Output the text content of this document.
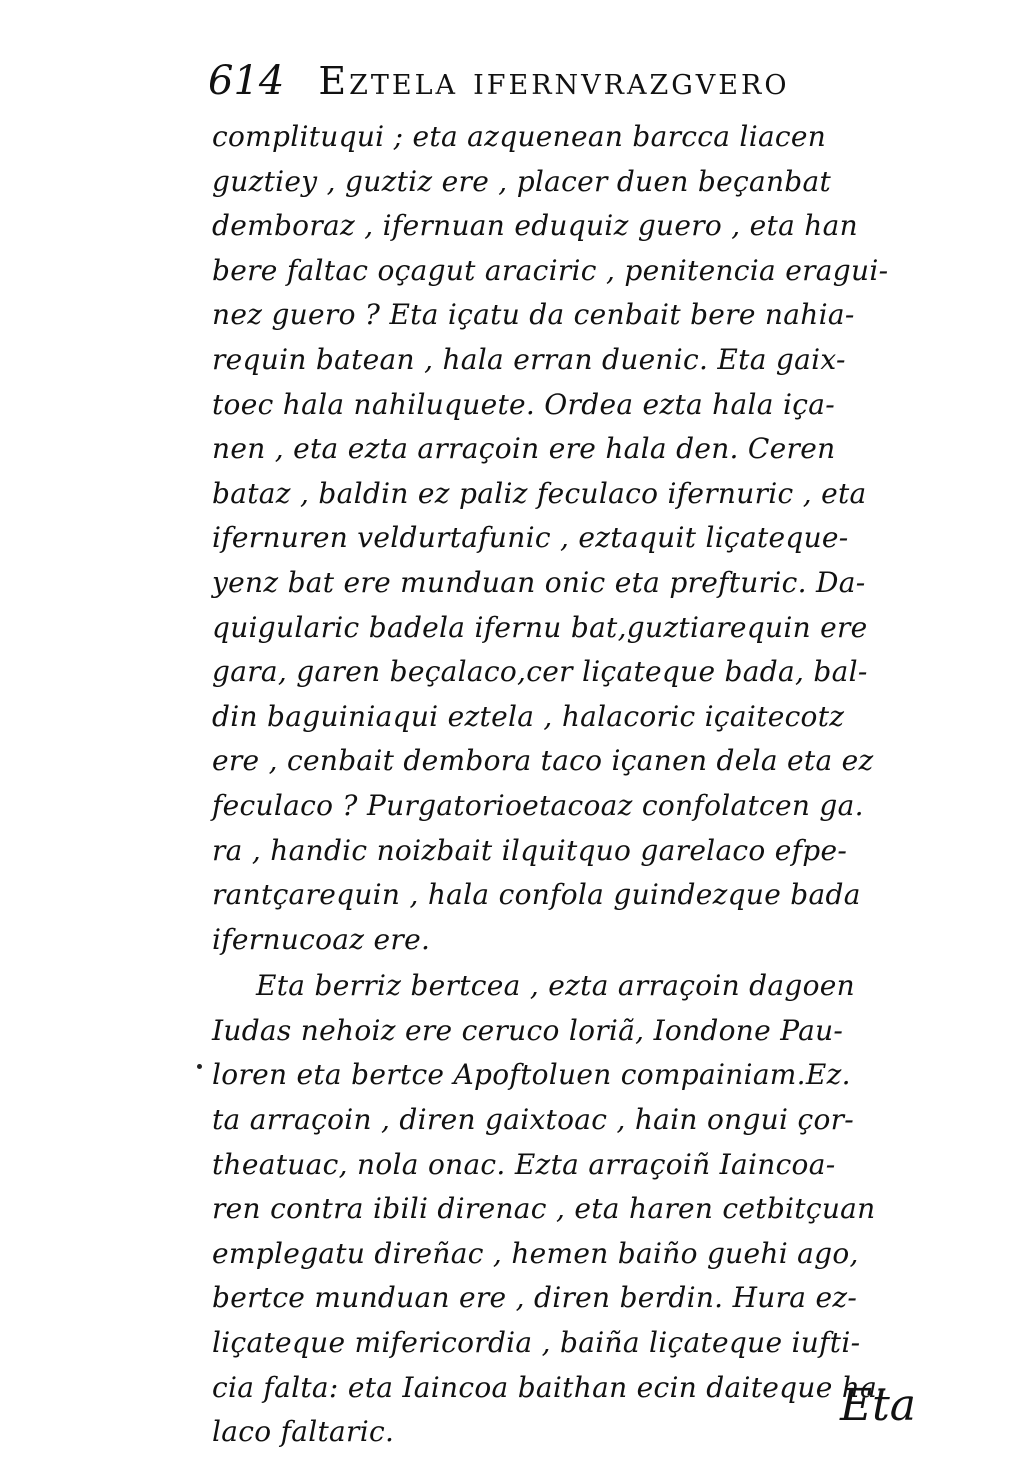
614 Eztela ifernvrazgvero
complituqui ; eta azquenean barcca liacen
guztiey , guztiz ere , placer duen beçanbat
demboraz , ifernuan eduquiz guero , eta han
bere faltac oçagut araciric , penitencia eragui-
nez guero ? Eta içatu da cenbait bere nahia-
requin batean , hala erran duenic. Eta gaix-
toec hala nahiluquete. Ordea ezta hala iça-
nen , eta ezta arraçoin ere hala den. Ceren
bataz , baldin ez paliz feculaco ifernuric , eta
ifernuren veldurtafunic , eztaquit liçateque-
yenz bat ere munduan onic eta prefturic. Da-
quigularic badela ifernu bat,guztiarequin ere
gara, garen beçalaco,cer liçateque bada, bal-
din baguiniaqui eztela , halacoric içaitecotz
ere , cenbait dembora taco içanen dela eta ez
feculaco ? Purgatorioetacoaz confolatcen ga.
ra , handic noizbait ilquitquo garelaco efpe-
rantçarequin , hala confola guindezque bada
ifernucoaz ere.
Eta berriz bertcea , ezta arraçoin dagoen
Iudas nehoiz ere ceruco loriã, Iondone Pau-
loren eta bertce Apoftoluen compainiam.Ez.
ta arraçoin , diren gaixtoac , hain ongui çor-
theatuac, nola onac. Ezta arraçoiñ Iaincoa-
ren contra ibili direnac , eta haren cetbitçuan
emplegatu direñac , hemen baiño guehi ago,
bertce munduan ere , diren berdin. Hura ez-
liçateque mifericordia , baiña liçateque iufti-
cia falta: eta Iaincoa baithan ecin daiteque ha-
laco faltaric.
Eta
